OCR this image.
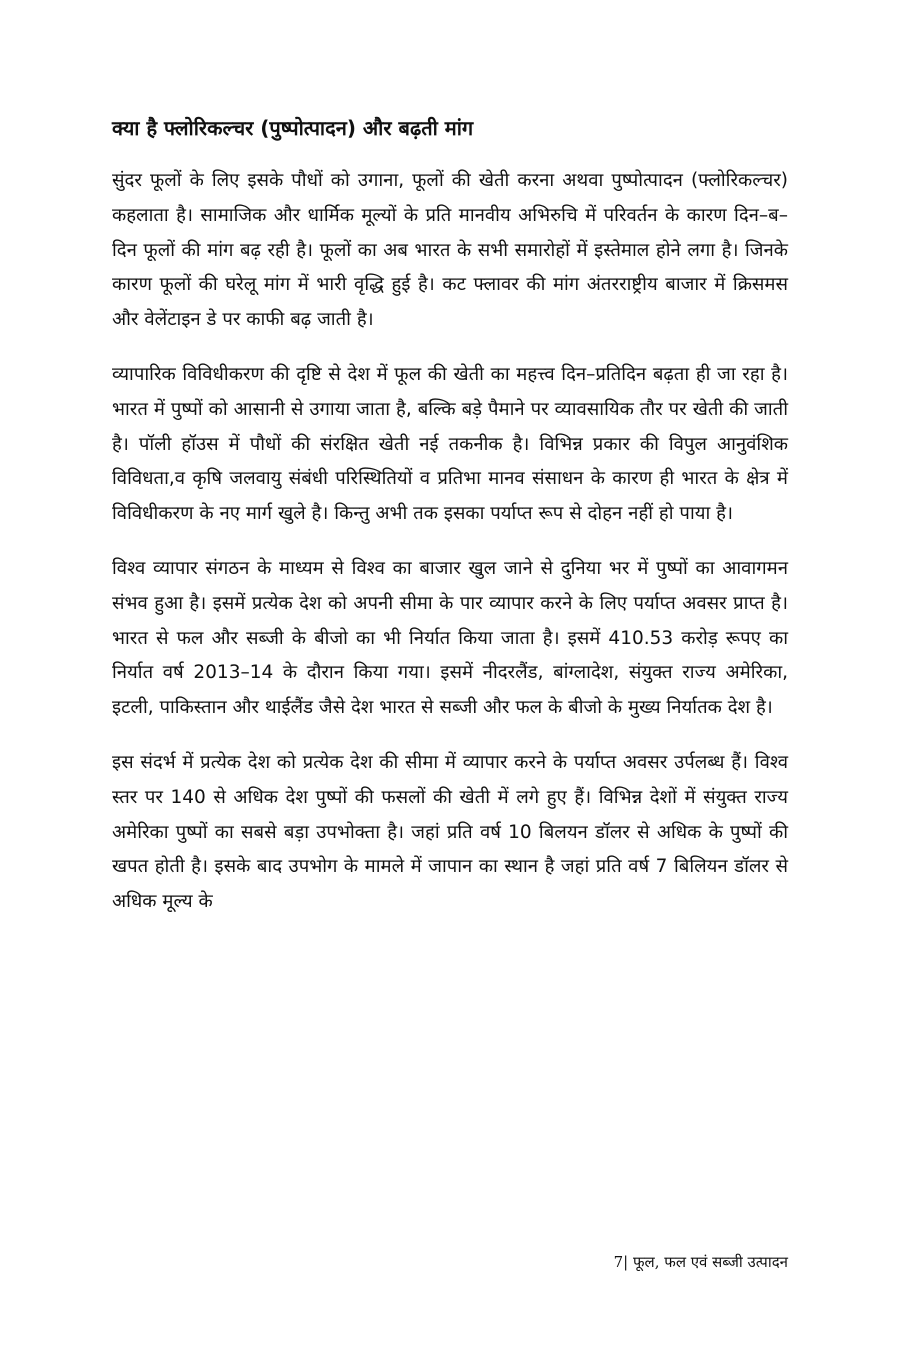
क्या है फ्लोरिकल्चर (पुष्पोत्पादन) और बढ़ती मांग

सुंदर फूलों के लिए इसके पौधों को उगाना, फूलों की खेती करना अथवा पुष्पोत्पादन (फ्लोरिकल्चर) कहलाता है। सामाजिक और धार्मिक मूल्यों के प्रति मानवीय अभिरुचि में परिवर्तन के कारण दिन–ब– दिन फूलों की मांग बढ़ रही है। फूलों का अब भारत के सभी समारोहों में इस्तेमाल होने लगा है। जिनके कारण फूलों की घरेलू मांग में भारी वृद्धि हुई है। कट फ्लावर की मांग अंतरराष्ट्रीय बाजार में क्रिसमस और वेलेंटाइन डे पर काफी बढ़ जाती है।

व्यापारिक विविधीकरण की दृष्टि से देश में फूल की खेती का महत्त्व दिन–प्रतिदिन बढ़ता ही जा रहा है। भारत में पुष्पों को आसानी से उगाया जाता है, बल्कि बड़े पैमाने पर व्यावसायिक तौर पर खेती की जाती है। पॉली हॉउस में पौधों की संरक्षित खेती नई तकनीक है। विभिन्न प्रकार की विपुल आनुवंशिक विविधता,व कृषि जलवायु संबंधी परिस्थितियों व प्रतिभा मानव संसाधन के कारण ही भारत के क्षेत्र में विविधीकरण के नए मार्ग खुले है। किन्तु अभी तक इसका पर्याप्त रूप से दोहन नहीं हो पाया है।

विश्व व्यापार संगठन के माध्यम से विश्व का बाजार खुल जाने से दुनिया भर में पुष्पों का आवागमन संभव हुआ है। इसमें प्रत्येक देश को अपनी सीमा के पार व्यापार करने के लिए पर्याप्त अवसर प्राप्त है। भारत से फल और सब्जी के बीजो का भी निर्यात किया जाता है। इसमें 410.53 करोड़ रूपए का निर्यात वर्ष 2013–14 के दौरान किया गया। इसमें नीदरलैंड, बांग्लादेश, संयुक्त राज्य अमेरिका, इटली, पाकिस्तान और थाईलैंड जैसे देश भारत से सब्जी और फल के बीजो के मुख्य निर्यातक देश है।

इस संदर्भ में प्रत्येक देश को प्रत्येक देश की सीमा में व्यापार करने के पर्याप्त अवसर उर्पलब्ध हैं। विश्व स्तर पर 140 से अधिक देश पुष्पों की फसलों की खेती में लगे हुए हैं। विभिन्न देशों में संयुक्त राज्य अमेरिका पुष्पों का सबसे बड़ा उपभोक्ता है। जहां प्रति वर्ष 10 बिलयन डॉलर से अधिक के पुष्पों की खपत होती है। इसके बाद उपभोग के मामले में जापान का स्थान है जहां प्रति वर्ष 7 बिलियन डॉलर से अधिक मूल्य के

7| फूल, फल एवं सब्जी उत्पादन
